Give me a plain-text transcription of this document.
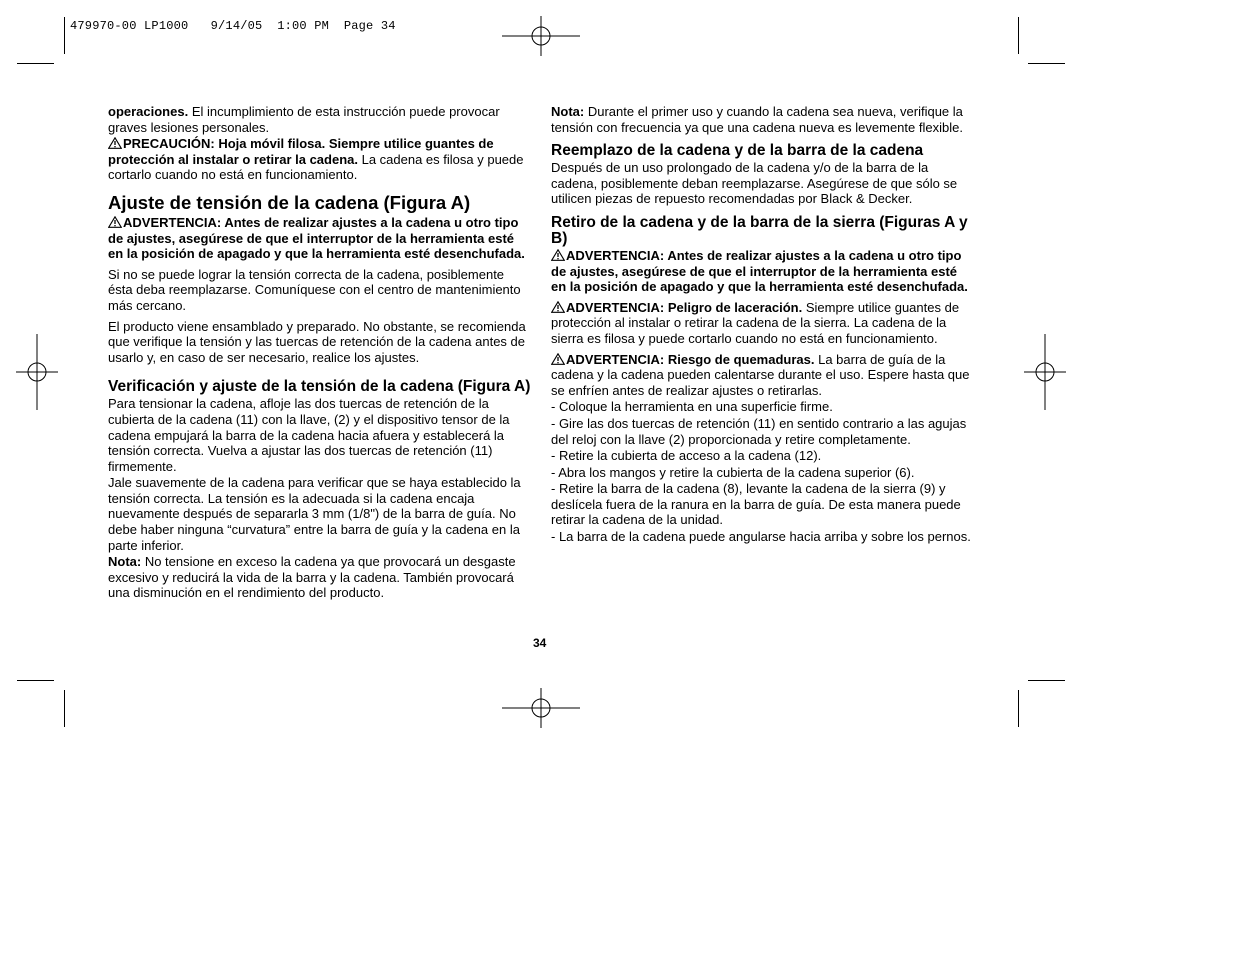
479970-00 LP1000   9/14/05  1:00 PM  Page 34

operaciones. El incumplimiento de esta instrucción puede provocar graves lesiones personales.

PRECAUCIÓN: Hoja móvil filosa. Siempre utilice guantes de protección al instalar o retirar la cadena. La cadena es filosa y puede cortarlo cuando no está en funcionamiento.

Ajuste de tensión de la cadena (Figura A)

ADVERTENCIA: Antes de realizar ajustes a la cadena u otro tipo de ajustes, asegúrese de que el interruptor de la herramienta esté en la posición de apagado y que la herramienta esté desenchufada.

Si no se puede lograr la tensión correcta de la cadena, posiblemente ésta deba reemplazarse. Comuníquese con el centro de mantenimiento más cercano.

El producto viene ensamblado y preparado. No obstante, se recomienda que verifique la tensión y las tuercas de retención de la cadena antes de usarlo y, en caso de ser necesario, realice los ajustes.

Verificación y ajuste de la tensión de la cadena (Figura A)

Para tensionar la cadena, afloje las dos tuercas de retención de la cubierta de la cadena (11) con la llave, (2) y el dispositivo tensor de la cadena empujará la barra de la cadena hacia afuera y establecerá la tensión correcta. Vuelva a ajustar las dos tuercas de retención (11) firmemente.

Jale suavemente de la cadena para verificar que se haya establecido la tensión correcta. La tensión es la adecuada si la cadena encaja nuevamente después de separarla 3 mm (1/8") de la barra de guía. No debe haber ninguna “curvatura” entre la barra de guía y la cadena en la parte inferior.

Nota: No tensione en exceso la cadena ya que provocará un desgaste excesivo y reducirá la vida de la barra y la cadena. También provocará una disminución en el rendimiento del producto.

Nota: Durante el primer uso y cuando la cadena sea nueva, verifique la tensión con frecuencia ya que una cadena nueva es levemente flexible.

Reemplazo de la cadena y de la barra de la cadena

Después de un uso prolongado de la cadena y/o de la barra de la cadena, posiblemente deban reemplazarse. Asegúrese de que sólo se utilicen piezas de repuesto recomendadas por Black & Decker.

Retiro de la cadena y de la barra de la sierra (Figuras A y B)

ADVERTENCIA: Antes de realizar ajustes a la cadena u otro tipo de ajustes, asegúrese de que el interruptor de la herramienta esté en la posición de apagado y que la herramienta esté desenchufada.

ADVERTENCIA: Peligro de laceración. Siempre utilice guantes de protección al instalar o retirar la cadena de la sierra. La cadena de la sierra es filosa y puede cortarlo cuando no está en funcionamiento.

ADVERTENCIA: Riesgo de quemaduras. La barra de guía de la cadena y la cadena pueden calentarse durante el uso. Espere hasta que se enfríen antes de realizar ajustes o retirarlas.

- Coloque la herramienta en una superficie firme.

- Gire las dos tuercas de retención (11) en sentido contrario a las agujas del reloj con la llave (2) proporcionada y retire completamente.

- Retire la cubierta de acceso a la cadena (12).

- Abra los mangos y retire la cubierta de la cadena superior (6).

- Retire la barra de la cadena (8), levante la cadena de la sierra (9) y deslícela fuera de la ranura en la barra de guía. De esta manera puede retirar la cadena de la unidad.

- La barra de la cadena puede angularse hacia arriba y sobre los pernos.

34
